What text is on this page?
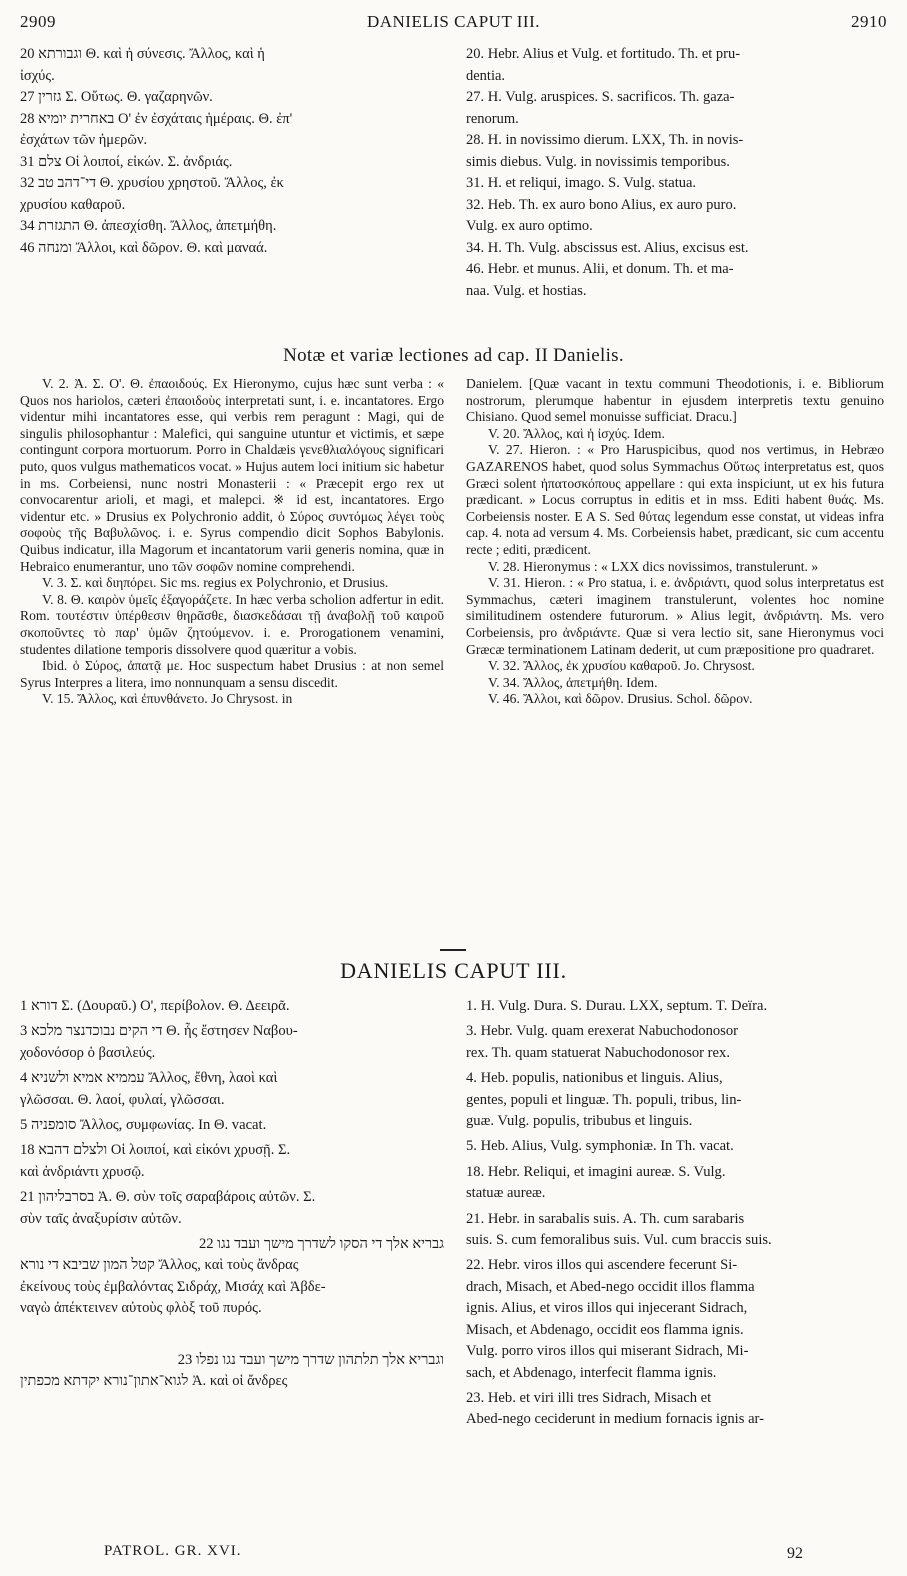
2909	DANIELIS CAPUT III.	2910

וגבורתא 20 Θ. καὶ ἡ σύνεσις. Ἄλλος, καὶ ἡ

ἰσχύς.

גזרין 27 Σ. Οὕτως. Θ. γαζαρηνῶν.

באחרית יומיא 28 Ο' ἐν ἐσχάταις ἡμέραις. Θ. ἐπ'

ἐσχάτων τῶν ἡμερῶν.

צלם 31 Οἱ λοιποί, εἰκών. Σ. ἀνδριάς.

די־דהב טב 32 Θ. χρυσίου χρηστοῦ. Ἄλλος, ἐκ

χρυσίου καθαροῦ.

התגזרת 34 Θ. ἀπεσχίσθη. Ἄλλος, ἀπετμήθη.

ומנחה 46 Ἄλλοι, καὶ δῶρον. Θ. καὶ μαναά.

20. Hebr. Alius et Vulg. et fortitudo. Th. et pru-

dentia.

27. H. Vulg. aruspices. S. sacrificos. Th. gaza-

renorum.

28. H. in novissimo dierum. LXX, Th. in novis-

simis diebus. Vulg. in novissimis temporibus.

31. H. et reliqui, imago. S. Vulg. statua.

32. Heb. Th. ex auro bono Alius, ex auro puro.

Vulg. ex auro optimo.

34. H. Th. Vulg. abscissus est. Alius, excisus est.

46. Hebr. et munus. Alii, et donum. Th. et ma-

naa. Vulg. et hostias.

Notæ et variæ lectiones ad cap. II Danielis.

V. 2. Ἀ. Σ. Ο'. Θ. ἐπαοιδούς. Ex Hieronymo, cujus hæc sunt verba : « Quos nos hariolos, cæteri ἐπαοιδοὺς interpretati sunt, i. e. incantatores. Ergo videntur mihi incantatores esse, qui verbis rem peragunt : Magi, qui de singulis philosophantur : Malefici, qui sanguine utuntur et victimis, et sæpe contingunt corpora mortuorum. Porro in Chaldæis γενεθλιαλόγους significari puto, quos vulgus mathematicos vocat. » Hujus autem loci initium sic habetur in ms. Corbeiensi, nunc nostri Monasterii : « Præcepit ergo rex ut convocarentur arioli, et magi, et malepci. ※ id est, incantatores. Ergo videntur etc. » Drusius ex Polychronio addit, ὁ Σύρος συντόμως λέγει τοὺς σοφοὺς τῆς Βαβυλῶνος. i. e. Syrus compendio dicit Sophos Babylonis. Quibus indicatur, illa Magorum et incantatorum varii generis nomina, quæ in Hebraico enumerantur, uno τῶν σοφῶν nomine comprehendi.

V. 3. Σ. καὶ διηπόρει. Sic ms. regius ex Polychronio, et Drusius.

V. 8. Θ. καιρὸν ὑμεῖς ἐξαγοράζετε. In hæc verba scholion adfertur in edit. Rom. τουτέστιν ὑπέρθεσιν θηρᾶσθε, διασκεδάσαι τῇ ἀναβολῇ τοῦ καιροῦ σκοποῦντες τὸ παρ' ὑμῶν ζητούμενον. i. e. Prorogationem venamini, studentes dilatione temporis dissolvere quod quæritur a vobis.

Ibid. ὁ Σύρος, ἀπατᾷ με. Hoc suspectum habet Drusius : at non semel Syrus Interpres a litera, imo nonnunquam a sensu discedit.

V. 15. Ἄλλος, καὶ ἐπυνθάνετο. Jo Chrysost. in

Danielem. [Quæ vacant in textu communi Theodotionis, i. e. Bibliorum nostrorum, plerumque habentur in ejusdem interpretis textu genuino Chisiano. Quod semel monuisse sufficiat. Dracu.]

V. 20. Ἄλλος, καὶ ἡ ἰσχύς. Idem.

V. 27. Hieron. : « Pro Haruspicibus, quod nos vertimus, in Hebræo GAZARENOS habet, quod solus Symmachus Οὕτως interpretatus est, quos Græci solent ἠπατοσκόπους appellare : qui exta inspiciunt, ut ex his futura prædicant. » Locus corruptus in editis et in mss. Editi habent θυάς. Ms. Corbeiensis noster. E A S. Sed θύτας legendum esse constat, ut videas infra cap. 4. nota ad versum 4. Ms. Corbeiensis habet, prædicant, sic cum accentu recte ; editi, prædicent.

V. 28. Hieronymus : « LXX dics novissimos, transtulerunt. »

V. 31. Hieron. : « Pro statua, i. e. ἀνδριάντι, quod solus interpretatus est Symmachus, cæteri imaginem transtulerunt, volentes hoc nomine similitudinem ostendere futurorum. » Alius legit, ἀνδριάντη. Ms. vero Corbeiensis, pro ἀνδριάντε. Quæ si vera lectio sit, sane Hieronymus voci Græcæ terminationem Latinam dederit, ut cum præpositione pro quadraret.

V. 32. Ἄλλος, ἐκ χρυσίου καθαροῦ. Jo. Chrysost.

V. 34. Ἄλλος, ἀπετμήθη. Idem.

V. 46. Ἄλλοι, καὶ δῶρον. Drusius. Schol. δῶρον.

DANIELIS CAPUT III.

דורא 1 Σ. (Δουραῦ.) Ο', περίβολον. Θ. Δεειρᾶ.

די הקים נבוכדנצר מלכא 3 Θ. ἧς ἔστησεν Ναβου-

χοδονόσορ ὁ βασιλεύς.

עממיא אמיא ולשניא 4 Ἄλλος, ἔθνη, λαοὶ καὶ

γλῶσσαι. Θ. λαοί, φυλαί, γλῶσσαι.

סומפניה 5 Ἄλλος, συμφωνίας. In Θ. vacat.

ולצלם דהבא 18 Οἱ λοιποί, καὶ εἰκόνι χρυσῇ. Σ.

καὶ ἀνδριάντι χρυσῷ.

בסרבליהון 21 Ἀ. Θ. σὺν τοῖς σαραβάροις αὐτῶν. Σ.

σὺν ταῖς ἀναξυρίσιν αὐτῶν.

גבריא אלך די הסקו לשדרך מישך ועבד נגו 22

קטל המון שביבא די נורא Ἄλλος, καὶ τοὺς ἄνδρας

ἐκείνους τοὺς ἐμβαλόντας Σιδράχ, Μισάχ καὶ Ἀβδε-

ναγὼ ἀπέκτεινεν αὐτοὺς φλὸξ τοῦ πυρός.

וגבריא אלך תלתהון שדרך מישך ועבד נגו נפלו 23

לגוא־אתון־נורא יקדתא מכפתין Ἀ. καὶ οἱ ἄνδρες

1. H. Vulg. Dura. S. Durau. LXX, septum. T. Deïra.

3. Hebr. Vulg. quam erexerat Nabuchodonosor

rex. Th. quam statuerat Nabuchodonosor rex.

4. Heb. populis, nationibus et linguis. Alius,

gentes, populi et linguæ. Th. populi, tribus, lin-

guæ. Vulg. populis, tribubus et linguis.

5. Heb. Alius, Vulg. symphoniæ. In Th. vacat.

18. Hebr. Reliqui, et imagini aureæ. S. Vulg.

statuæ aureæ.

21. Hebr. in sarabalis suis. A. Th. cum sarabaris

suis. S. cum femoralibus suis. Vul. cum braccis suis.

22. Hebr. viros illos qui ascendere fecerunt Si-

drach, Misach, et Abed-nego occidit illos flamma

ignis. Alius, et viros illos qui injecerant Sidrach,

Misach, et Abdenago, occidit eos flamma ignis.

Vulg. porro viros illos qui miserant Sidrach, Mi-

sach, et Abdenago, interfecit flamma ignis.

23. Heb. et viri illi tres Sidrach, Misach et

Abed-nego ceciderunt in medium fornacis ignis ar-

PATROL. GR. XVI.	92
